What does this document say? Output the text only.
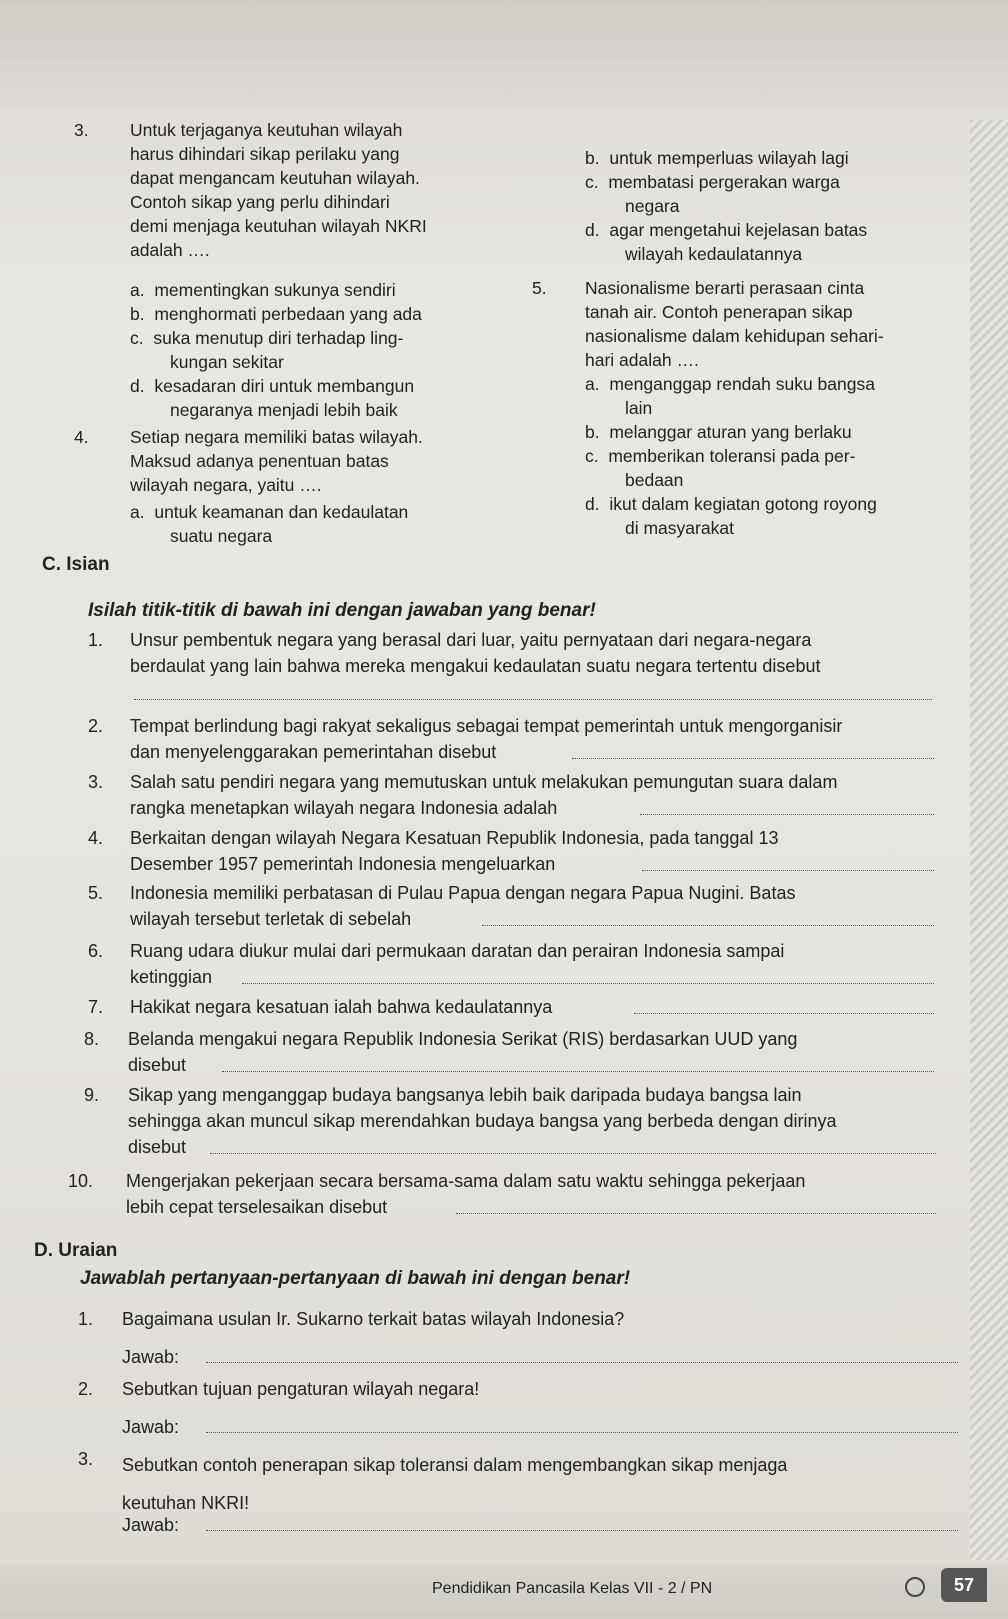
3. Untuk terjaganya keutuhan wilayah
harus dihindari sikap perilaku yang
dapat mengancam keutuhan wilayah.
Contoh sikap yang perlu dihindari
demi menjaga keutuhan wilayah NKRI
adalah ….
a. mementingkan sukunya sendiri
b. menghormati perbedaan yang ada
c. suka menutup diri terhadap ling-
kungan sekitar
d. kesadaran diri untuk membangun
negaranya menjadi lebih baik
4. Setiap negara memiliki batas wilayah.
Maksud adanya penentuan batas
wilayah negara, yaitu ….
a. untuk keamanan dan kedaulatan
suatu negara
b. untuk memperluas wilayah lagi
c. membatasi pergerakan warga
negara
d. agar mengetahui kejelasan batas
wilayah kedaulatannya
5. Nasionalisme berarti perasaan cinta
tanah air. Contoh penerapan sikap
nasionalisme dalam kehidupan sehari-
hari adalah ….
a. menganggap rendah suku bangsa
lain
b. melanggar aturan yang berlaku
c. memberikan toleransi pada per-
bedaan
d. ikut dalam kegiatan gotong royong
di masyarakat
C. Isian
Isilah titik-titik di bawah ini dengan jawaban yang benar!
1. Unsur pembentuk negara yang berasal dari luar, yaitu pernyataan dari negara-negara
berdaulat yang lain bahwa mereka mengakui kedaulatan suatu negara tertentu disebut
2. Tempat berlindung bagi rakyat sekaligus sebagai tempat pemerintah untuk mengorganisir
dan menyelenggarakan pemerintahan disebut
3. Salah satu pendiri negara yang memutuskan untuk melakukan pemungutan suara dalam
rangka menetapkan wilayah negara Indonesia adalah
4. Berkaitan dengan wilayah Negara Kesatuan Republik Indonesia, pada tanggal 13
Desember 1957 pemerintah Indonesia mengeluarkan
5. Indonesia memiliki perbatasan di Pulau Papua dengan negara Papua Nugini. Batas
wilayah tersebut terletak di sebelah
6. Ruang udara diukur mulai dari permukaan daratan dan perairan Indonesia sampai
ketinggian
7. Hakikat negara kesatuan ialah bahwa kedaulatannya
8. Belanda mengakui negara Republik Indonesia Serikat (RIS) berdasarkan UUD yang
disebut
9. Sikap yang menganggap budaya bangsanya lebih baik daripada budaya bangsa lain
sehingga akan muncul sikap merendahkan budaya bangsa yang berbeda dengan dirinya
disebut
10. Mengerjakan pekerjaan secara bersama-sama dalam satu waktu sehingga pekerjaan
lebih cepat terselesaikan disebut
D. Uraian
Jawablah pertanyaan-pertanyaan di bawah ini dengan benar!
1. Bagaimana usulan Ir. Sukarno terkait batas wilayah Indonesia?
Jawab:
2. Sebutkan tujuan pengaturan wilayah negara!
Jawab:
3. Sebutkan contoh penerapan sikap toleransi dalam mengembangkan sikap menjaga
keutuhan NKRI!
Jawab:
Pendidikan Pancasila Kelas VII - 2 / PN	57
